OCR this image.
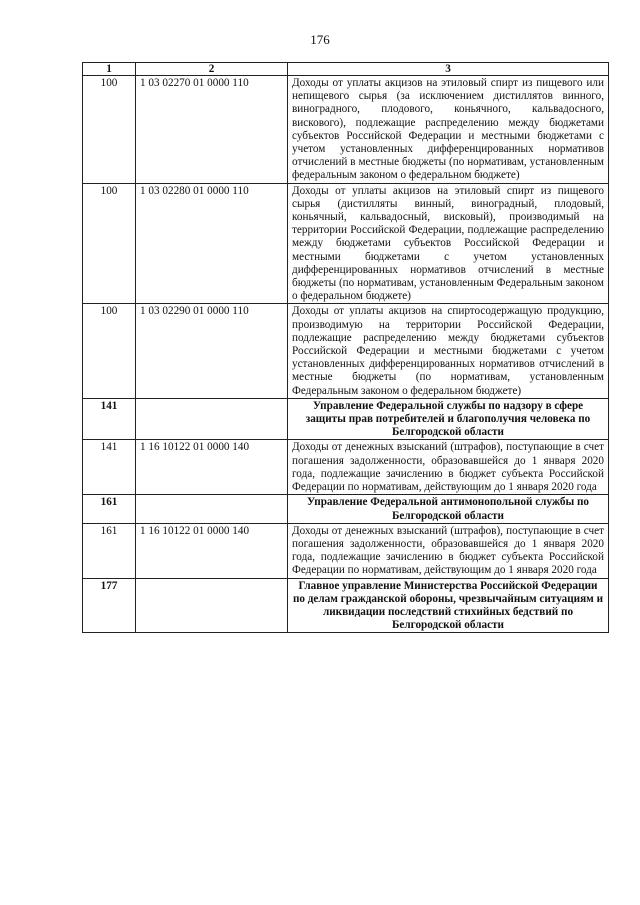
176
1	2	3
100	1 03 02270 01 0000 110	Доходы от уплаты акцизов на этиловый спирт из пищевого или непищевого сырья (за исключением дистиллятов винного, виноградного, плодового, коньячного, кальвадосного, вискового), подлежащие распределению между бюджетами субъектов Российской Федерации и местными бюджетами с учетом установленных дифференцированных нормативов отчислений в местные бюджеты (по нормативам, установленным федеральным законом о федеральном бюджете)
100	1 03 02280 01 0000 110	Доходы от уплаты акцизов на этиловый спирт из пищевого сырья (дистилляты винный, виноградный, плодовый, коньячный, кальвадосный, висковый), производимый на территории Российской Федерации, подлежащие распределению между бюджетами субъектов Российской Федерации и местными бюджетами с учетом установленных дифференцированных нормативов отчислений в местные бюджеты (по нормативам, установленным Федеральным законом о федеральном бюджете)
100	1 03 02290 01 0000 110	Доходы от уплаты акцизов на спиртосодержащую продукцию, производимую на территории Российской Федерации, подлежащие распределению между бюджетами субъектов Российской Федерации и местными бюджетами с учетом установленных дифференцированных нормативов отчислений в местные бюджеты (по нормативам, установленным Федеральным законом о федеральном бюджете)
141		Управление Федеральной службы по надзору в сфере защиты прав потребителей и благополучия человека по Белгородской области
141	1 16 10122 01 0000 140	Доходы от денежных взысканий (штрафов), поступающие в счет погашения задолженности, образовавшейся до 1 января 2020 года, подлежащие зачислению в бюджет субъекта Российской Федерации по нормативам, действующим до 1 января 2020 года
161		Управление Федеральной антимонопольной службы по Белгородской области
161	1 16 10122 01 0000 140	Доходы от денежных взысканий (штрафов), поступающие в счет погашения задолженности, образовавшейся до 1 января 2020 года, подлежащие зачислению в бюджет субъекта Российской Федерации по нормативам, действующим до 1 января 2020 года
177		Главное управление Министерства Российской Федерации по делам гражданской обороны, чрезвычайным ситуациям и ликвидации последствий стихийных бедствий по Белгородской области
